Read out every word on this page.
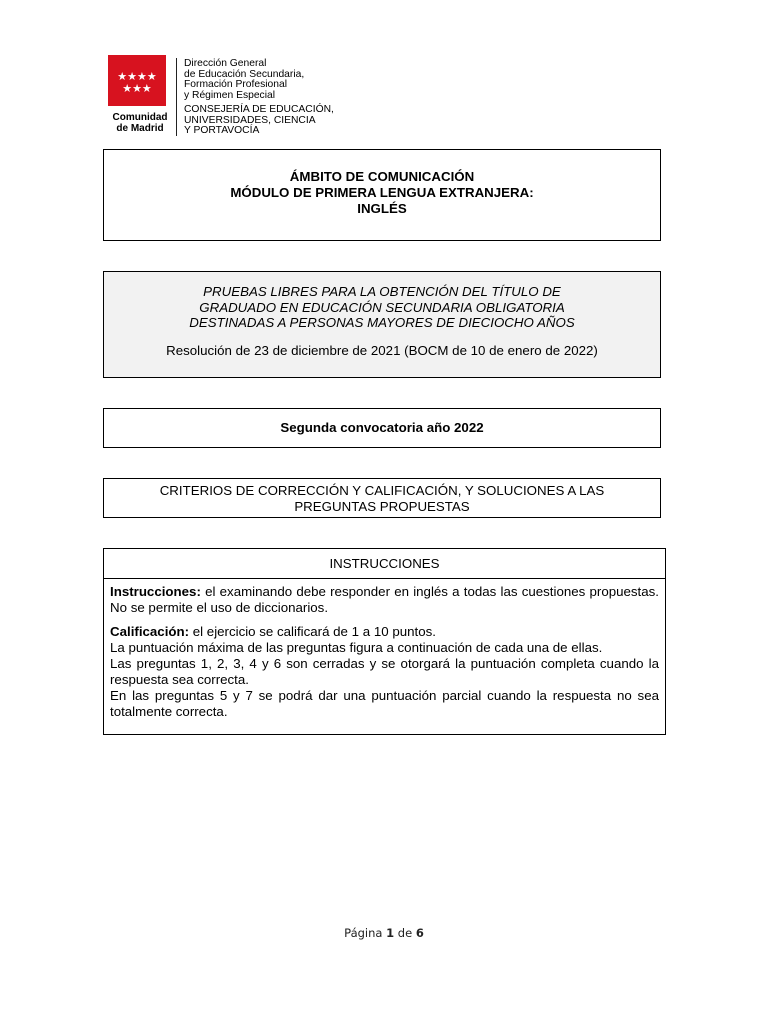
★★★★
★★★
Comunidad
de Madrid
Dirección General
de Educación Secundaria,
Formación Profesional
y Régimen Especial
CONSEJERÍA DE EDUCACIÓN,
UNIVERSIDADES, CIENCIA
Y PORTAVOCÍA
ÁMBITO DE COMUNICACIÓN
MÓDULO DE PRIMERA LENGUA EXTRANJERA:
INGLÉS
PRUEBAS LIBRES PARA LA OBTENCIÓN DEL TÍTULO DE
GRADUADO EN EDUCACIÓN SECUNDARIA OBLIGATORIA
DESTINADAS A PERSONAS MAYORES DE DIECIOCHO AÑOS
Resolución de 23 de diciembre de 2021 (BOCM de 10 de enero de 2022)
Segunda convocatoria año 2022
CRITERIOS DE CORRECCIÓN Y CALIFICACIÓN, Y SOLUCIONES A LAS
PREGUNTAS PROPUESTAS
INSTRUCCIONES

Instrucciones: el examinando debe responder en inglés a todas las cuestiones propuestas. No se permite el uso de diccionarios.

Calificación: el ejercicio se calificará de 1 a 10 puntos.

La puntuación máxima de las preguntas figura a continuación de cada una de ellas.

Las preguntas 1, 2, 3, 4 y 6 son cerradas y se otorgará la puntuación completa cuando la respuesta sea correcta.

En las preguntas 5 y 7 se podrá dar una puntuación parcial cuando la respuesta no sea totalmente correcta.

Página 1 de 6
